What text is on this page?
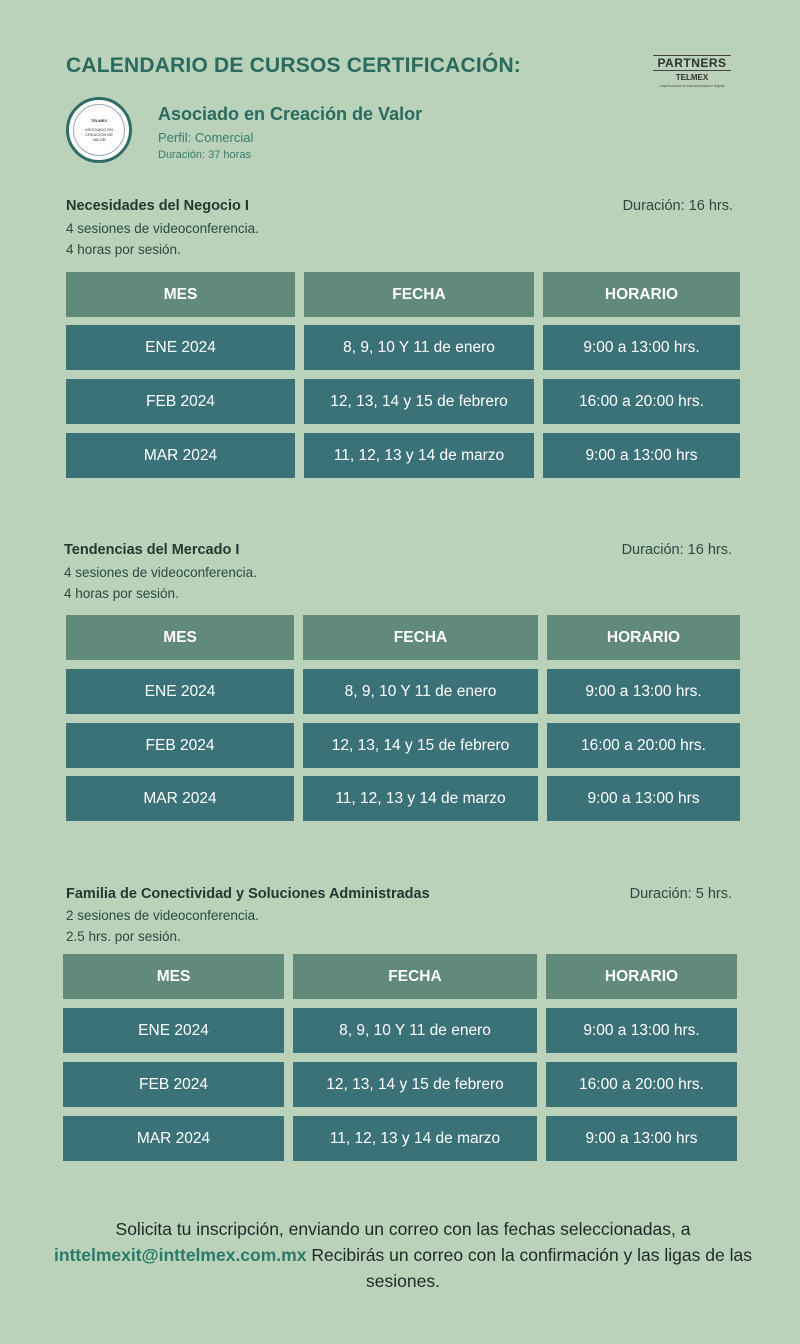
CALENDARIO DE CURSOS CERTIFICACIÓN:	PARTNERS
TELMEX
Impulsamos la transformación digital
TELMEX
ASOCIADO EN CREACIÓN DE VALOR
Asociado en Creación de Valor
Perfil: Comercial
Duración: 37 horas
Necesidades del Negocio I	Duración: 16 hrs.
4 sesiones de videoconferencia.
4 horas por sesión.
MES	FECHA	HORARIO
ENE 2024	8, 9, 10 Y 11 de enero	9:00 a 13:00 hrs.
FEB 2024	12, 13, 14 y 15 de febrero	16:00 a 20:00 hrs.
MAR 2024	11, 12, 13 y 14 de marzo	9:00 a 13:00 hrs
Tendencias del Mercado I	Duración: 16 hrs.
4 sesiones de videoconferencia.
4 horas por sesión.
MES	FECHA	HORARIO
ENE 2024	8, 9, 10 Y 11 de enero	9:00 a 13:00 hrs.
FEB 2024	12, 13, 14 y 15 de febrero	16:00 a 20:00 hrs.
MAR 2024	11, 12, 13 y 14 de marzo	9:00 a 13:00 hrs
Familia de Conectividad y Soluciones Administradas	Duración: 5 hrs.
2 sesiones de videoconferencia.
2.5 hrs. por sesión.
MES	FECHA	HORARIO
ENE 2024	8, 9, 10 Y 11 de enero	9:00 a 13:00 hrs.
FEB 2024	12, 13, 14 y 15 de febrero	16:00 a 20:00 hrs.
MAR 2024	11, 12, 13 y 14 de marzo	9:00 a 13:00 hrs
Solicita tu inscripción, enviando un correo con las fechas seleccionadas, a inttelmexit@inttelmex.com.mx Recibirás un correo con la confirmación y las ligas de las sesiones.
